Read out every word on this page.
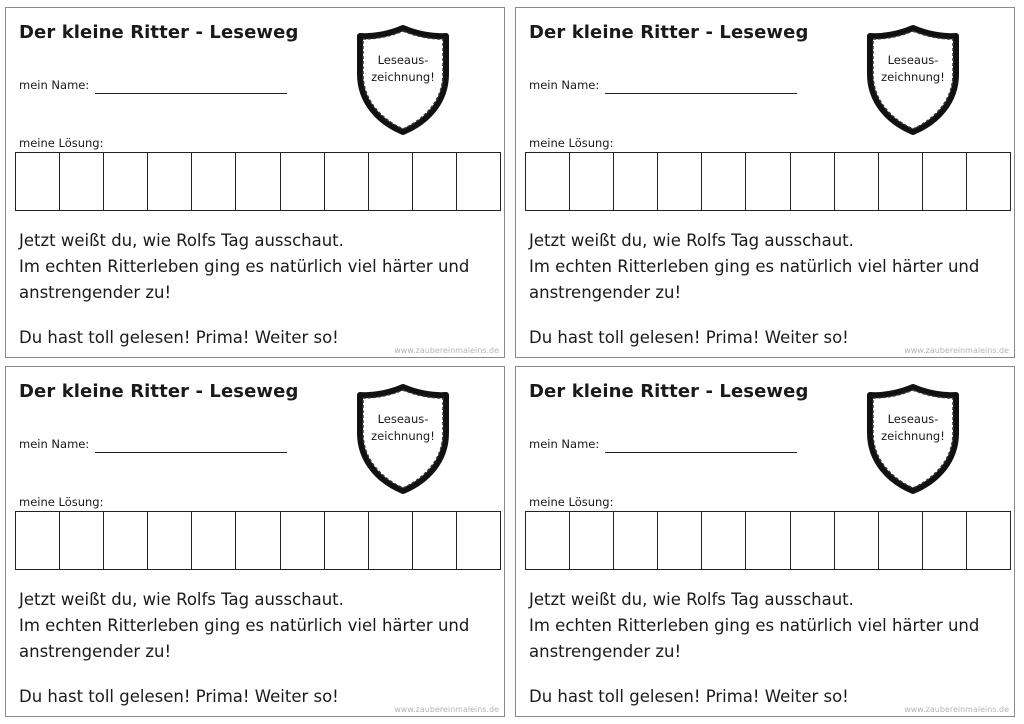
Der kleine Ritter - Leseweg
mein Name:
Leseaus-
zeichnung!
meine Lösung:
Jetzt weißt du, wie Rolfs Tag ausschaut.
Im echten Ritterleben ging es natürlich viel härter und
anstrengender zu!
Du hast toll gelesen! Prima! Weiter so!
www.zaubereinmaleins.de
Der kleine Ritter - Leseweg
mein Name:
Leseaus-
zeichnung!
meine Lösung:
Jetzt weißt du, wie Rolfs Tag ausschaut.
Im echten Ritterleben ging es natürlich viel härter und
anstrengender zu!
Du hast toll gelesen! Prima! Weiter so!
www.zaubereinmaleins.de
Der kleine Ritter - Leseweg
mein Name:
Leseaus-
zeichnung!
meine Lösung:
Jetzt weißt du, wie Rolfs Tag ausschaut.
Im echten Ritterleben ging es natürlich viel härter und
anstrengender zu!
Du hast toll gelesen! Prima! Weiter so!
www.zaubereinmaleins.de
Der kleine Ritter - Leseweg
mein Name:
Leseaus-
zeichnung!
meine Lösung:
Jetzt weißt du, wie Rolfs Tag ausschaut.
Im echten Ritterleben ging es natürlich viel härter und
anstrengender zu!
Du hast toll gelesen! Prima! Weiter so!
www.zaubereinmaleins.de
